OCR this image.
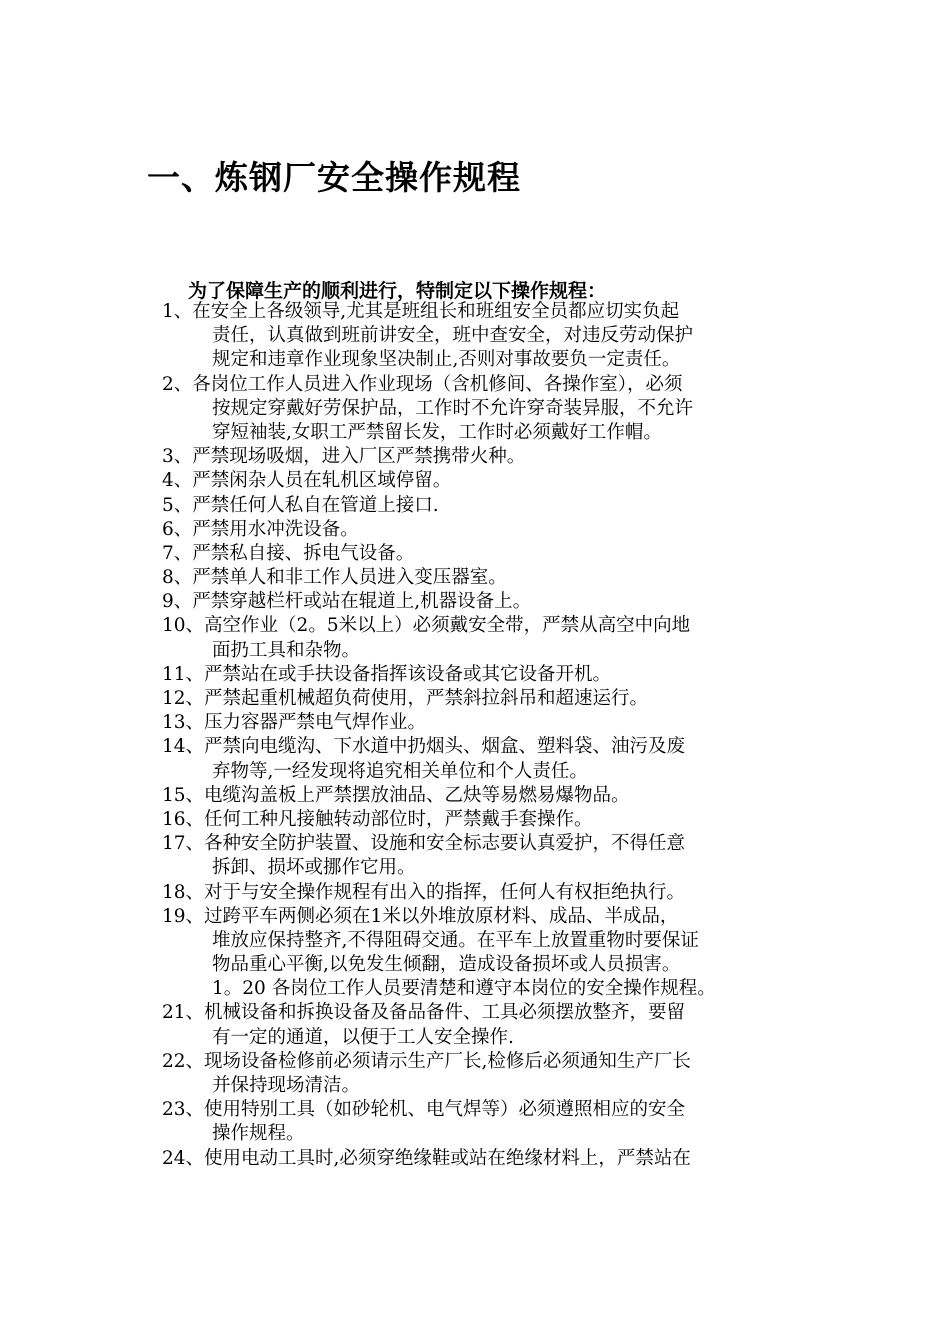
一、炼钢厂安全操作规程

为了保障生产的顺利进行，特制定以下操作规程：

1、在安全上各级领导,尤其是班组长和班组安全员都应切实负起
责任，认真做到班前讲安全，班中查安全，对违反劳动保护
规定和违章作业现象坚决制止,否则对事故要负一定责任。
2、各岗位工作人员进入作业现场（含机修间、各操作室），必须
按规定穿戴好劳保护品，工作时不允许穿奇装异服，不允许
穿短袖装,女职工严禁留长发，工作时必须戴好工作帽。
3、严禁现场吸烟，进入厂区严禁携带火种。
4、严禁闲杂人员在轧机区域停留。
5、严禁任何人私自在管道上接口.
6、严禁用水冲洗设备。
7、严禁私自接、拆电气设备。
8、严禁单人和非工作人员进入变压器室。
9、严禁穿越栏杆或站在辊道上,机器设备上。
10、高空作业（2。5米以上）必须戴安全带，严禁从高空中向地
面扔工具和杂物。
11、严禁站在或手扶设备指挥该设备或其它设备开机。
12、严禁起重机械超负荷使用，严禁斜拉斜吊和超速运行。
13、压力容器严禁电气焊作业。
14、严禁向电缆沟、下水道中扔烟头、烟盒、塑料袋、油污及废
弃物等,一经发现将追究相关单位和个人责任。
15、电缆沟盖板上严禁摆放油品、乙炔等易燃易爆物品。
16、任何工种凡接触转动部位时，严禁戴手套操作。
17、各种安全防护装置、设施和安全标志要认真爱护，不得任意
拆卸、损坏或挪作它用。
18、对于与安全操作规程有出入的指挥，任何人有权拒绝执行。
19、过跨平车两侧必须在1米以外堆放原材料、成品、半成品，
堆放应保持整齐,不得阻碍交通。在平车上放置重物时要保证
物品重心平衡,以免发生倾翻，造成设备损坏或人员损害。
1。20 各岗位工作人员要清楚和遵守本岗位的安全操作规程。
21、机械设备和拆换设备及备品备件、工具必须摆放整齐，要留
有一定的通道，以便于工人安全操作.
22、现场设备检修前必须请示生产厂长,检修后必须通知生产厂长
并保持现场清洁。
23、使用特别工具（如砂轮机、电气焊等）必须遵照相应的安全
操作规程。
24、使用电动工具时,必须穿绝缘鞋或站在绝缘材料上，严禁站在
